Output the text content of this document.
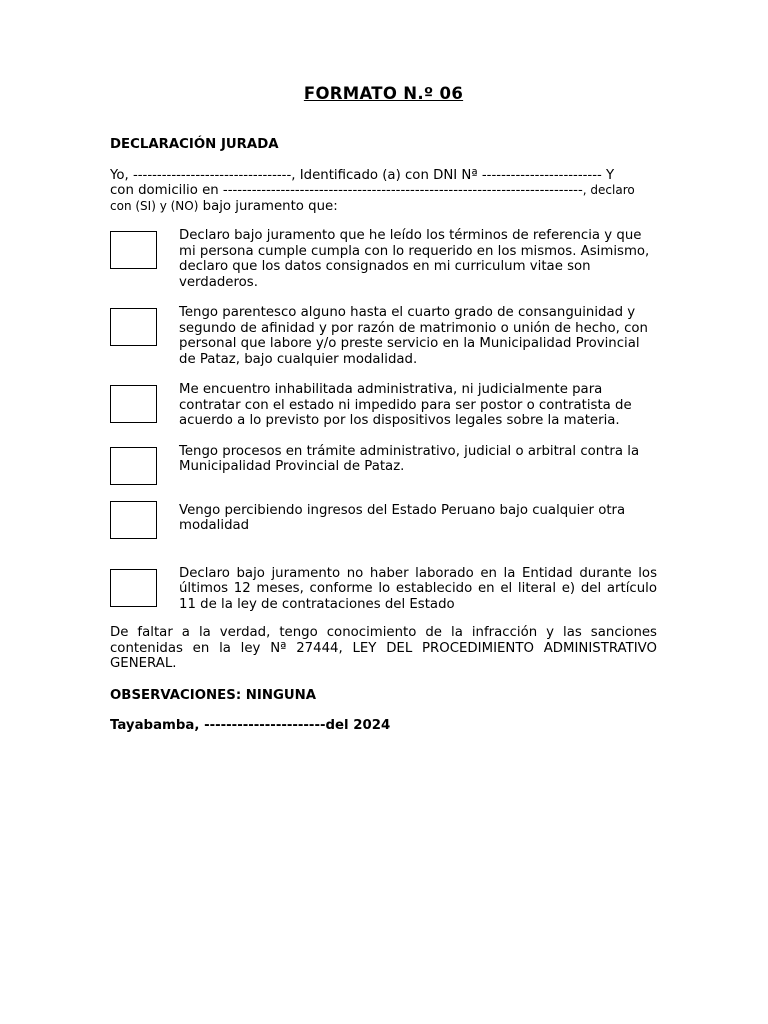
FORMATO N.º 06
DECLARACIÓN JURADA
Yo, ---------------------------------, Identificado (a) con DNI Nª ------------------------- Y
con domicilio en ---------------------------------------------------------------------------, declaro
con (SI) y (NO) bajo juramento que:
Declaro bajo juramento que he leído los términos de referencia y que mi persona cumple cumpla con lo requerido en los mismos. Asimismo, declaro que los datos consignados en mi curriculum vitae son verdaderos.
Tengo parentesco alguno hasta el cuarto grado de consanguinidad y segundo de afinidad y por razón de matrimonio o unión de hecho, con personal que labore y/o preste servicio en la Municipalidad Provincial de Pataz, bajo cualquier modalidad.
Me encuentro inhabilitada administrativa, ni judicialmente para contratar con el estado ni impedido para ser postor o contratista de acuerdo a lo previsto por los dispositivos legales sobre la materia.
Tengo procesos en trámite administrativo, judicial o arbitral contra la Municipalidad Provincial de Pataz.
Vengo percibiendo ingresos del Estado Peruano bajo cualquier otra modalidad
Declaro bajo juramento no haber laborado en la Entidad durante los últimos 12 meses, conforme lo establecido en el literal e) del artículo 11 de la ley de contrataciones del Estado
De faltar a la verdad, tengo conocimiento de la infracción y las sanciones contenidas en la ley Nª 27444, LEY DEL PROCEDIMIENTO ADMINISTRATIVO GENERAL.
OBSERVACIONES: NINGUNA
Tayabamba, ----------------------del 2024
